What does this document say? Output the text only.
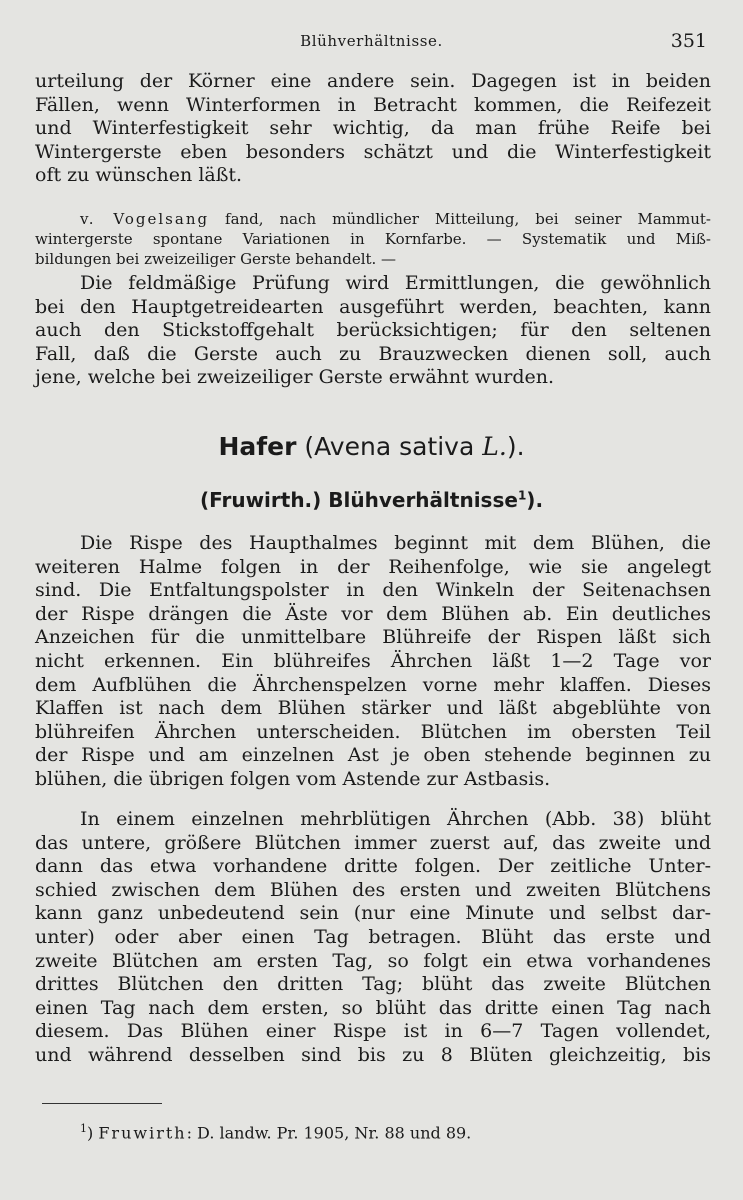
Blühverhältnisse.	351
urteilung der Körner eine andere sein. Dagegen ist in beiden
Fällen, wenn Winterformen in Betracht kommen, die Reifezeit
und Winterfestigkeit sehr wichtig, da man frühe Reife bei
Wintergerste eben besonders schätzt und die Winterfestigkeit
oft zu wünschen läßt.
v. Vogelsang fand, nach mündlicher Mitteilung, bei seiner Mammut-
wintergerste spontane Variationen in Kornfarbe. — Systematik und Miß-
bildungen bei zweizeiliger Gerste behandelt. —
Die feldmäßige Prüfung wird Ermittlungen, die gewöhnlich
bei den Hauptgetreidearten ausgeführt werden, beachten, kann
auch den Stickstoffgehalt berücksichtigen; für den seltenen
Fall, daß die Gerste auch zu Brauzwecken dienen soll, auch
jene, welche bei zweizeiliger Gerste erwähnt wurden.
Hafer (Avena sativa L.).
(Fruwirth.) Blühverhältnisse$^1$).
Die Rispe des Haupthalmes beginnt mit dem Blühen, die
weiteren Halme folgen in der Reihenfolge, wie sie angelegt
sind. Die Entfaltungspolster in den Winkeln der Seitenachsen
der Rispe drängen die Äste vor dem Blühen ab. Ein deutliches
Anzeichen für die unmittelbare Blühreife der Rispen läßt sich
nicht erkennen. Ein blühreifes Ährchen läßt 1—2 Tage vor
dem Aufblühen die Ährchenspelzen vorne mehr klaffen. Dieses
Klaffen ist nach dem Blühen stärker und läßt abgeblühte von
blühreifen Ährchen unterscheiden. Blütchen im obersten Teil
der Rispe und am einzelnen Ast je oben stehende beginnen zu
blühen, die übrigen folgen vom Astende zur Astbasis.
In einem einzelnen mehrblütigen Ährchen (Abb. 38) blüht
das untere, größere Blütchen immer zuerst auf, das zweite und
dann das etwa vorhandene dritte folgen. Der zeitliche Unter-
schied zwischen dem Blühen des ersten und zweiten Blütchens
kann ganz unbedeutend sein (nur eine Minute und selbst dar-
unter) oder aber einen Tag betragen. Blüht das erste und
zweite Blütchen am ersten Tag, so folgt ein etwa vorhandenes
drittes Blütchen den dritten Tag; blüht das zweite Blütchen
einen Tag nach dem ersten, so blüht das dritte einen Tag nach
diesem. Das Blühen einer Rispe ist in 6—7 Tagen vollendet,
und während desselben sind bis zu 8 Blüten gleichzeitig, bis
$^1$) Fruwirth: D. landw. Pr. 1905, Nr. 88 und 89.
